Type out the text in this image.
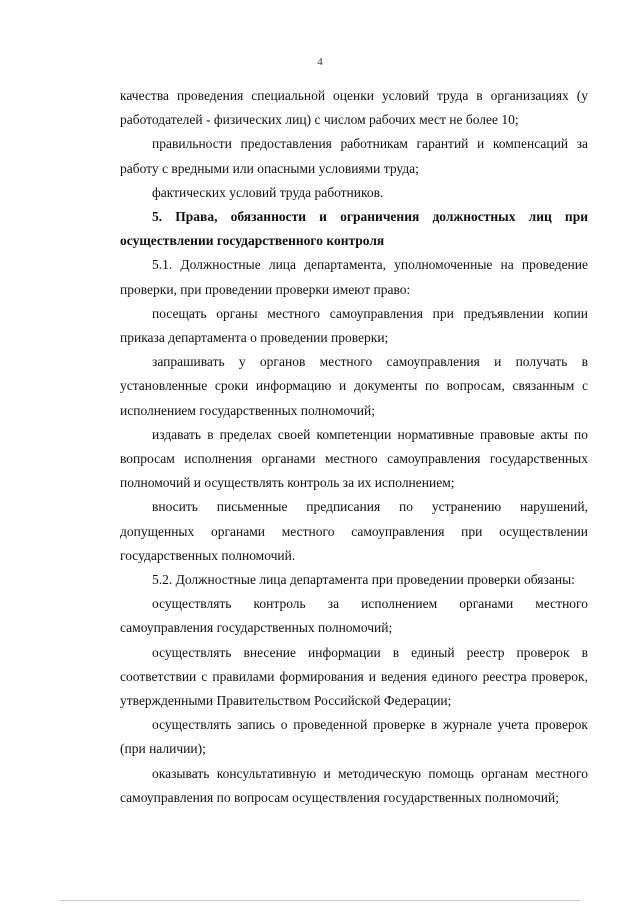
4

качества проведения специальной оценки условий труда в организациях (у работодателей - физических лиц) с числом рабочих мест не более 10;

правильности предоставления работникам гарантий и компенсаций за работу с вредными или опасными условиями труда;

фактических условий труда работников.

5. Права, обязанности и ограничения должностных лиц при осуществлении государственного контроля

5.1. Должностные лица департамента, уполномоченные на проведение проверки, при проведении проверки имеют право:

посещать органы местного самоуправления при предъявлении копии приказа департамента о проведении проверки;

запрашивать у органов местного самоуправления и получать в установленные сроки информацию и документы по вопросам, связанным с исполнением государственных полномочий;

издавать в пределах своей компетенции нормативные правовые акты по вопросам исполнения органами местного самоуправления государственных полномочий и осуществлять контроль за их исполнением;

вносить письменные предписания по устранению нарушений, допущенных органами местного самоуправления при осуществлении государственных полномочий.

5.2. Должностные лица департамента при проведении проверки обязаны:

осуществлять контроль за исполнением органами местного самоуправления государственных полномочий;

осуществлять внесение информации в единый реестр проверок в соответствии с правилами формирования и ведения единого реестра проверок, утвержденными Правительством Российской Федерации;

осуществлять запись о проведенной проверке в журнале учета проверок (при наличии);

оказывать консультативную и методическую помощь органам местного самоуправления по вопросам осуществления государственных полномочий;
